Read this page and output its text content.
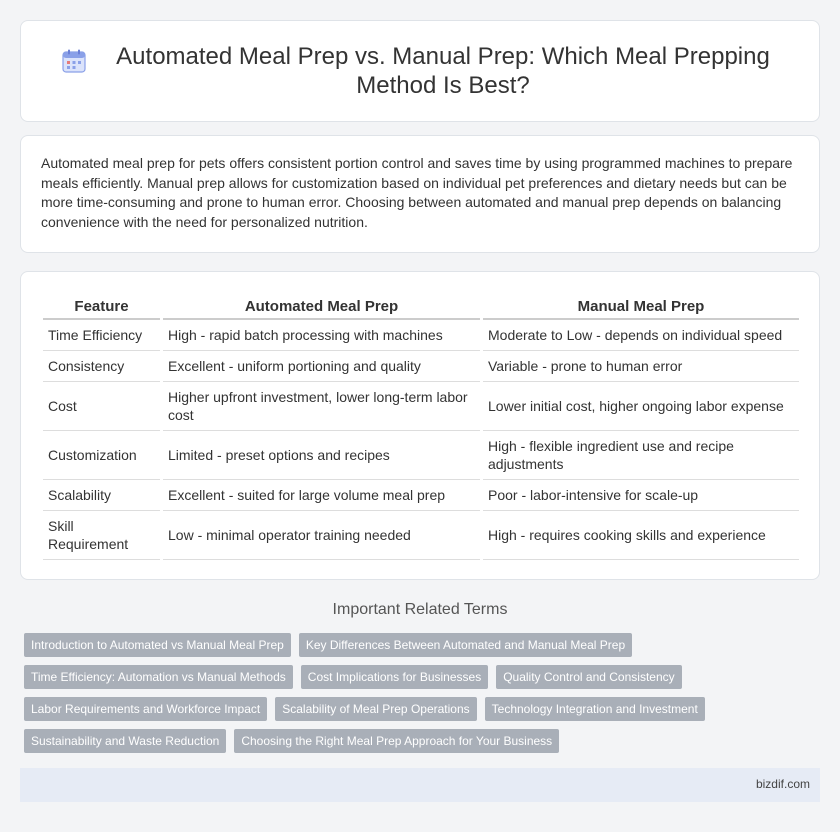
Automated Meal Prep vs. Manual Prep: Which Meal Prepping Method Is Best?

Automated meal prep for pets offers consistent portion control and saves time by using programmed machines to prepare meals efficiently. Manual prep allows for customization based on individual pet preferences and dietary needs but can be more time-consuming and prone to human error. Choosing between automated and manual prep depends on balancing convenience with the need for personalized nutrition.

Feature		Automated Meal Prep		Manual Meal Prep
Time Efficiency		High - rapid batch processing with machines		Moderate to Low - depends on individual speed
Consistency		Excellent - uniform portioning and quality		Variable - prone to human error
Cost		Higher upfront investment, lower long-term labor cost		Lower initial cost, higher ongoing labor expense
Customization		Limited - preset options and recipes		High - flexible ingredient use and recipe adjustments
Scalability		Excellent - suited for large volume meal prep		Poor - labor-intensive for scale-up
Skill Requirement		Low - minimal operator training needed		High - requires cooking skills and experience
Important Related Terms
Introduction to Automated vs Manual Meal Prep	Key Differences Between Automated and Manual Meal Prep
Time Efficiency: Automation vs Manual Methods	Cost Implications for Businesses	Quality Control and Consistency
Labor Requirements and Workforce Impact	Scalability of Meal Prep Operations	Technology Integration and Investment
Sustainability and Waste Reduction	Choosing the Right Meal Prep Approach for Your Business
bizdif.com
